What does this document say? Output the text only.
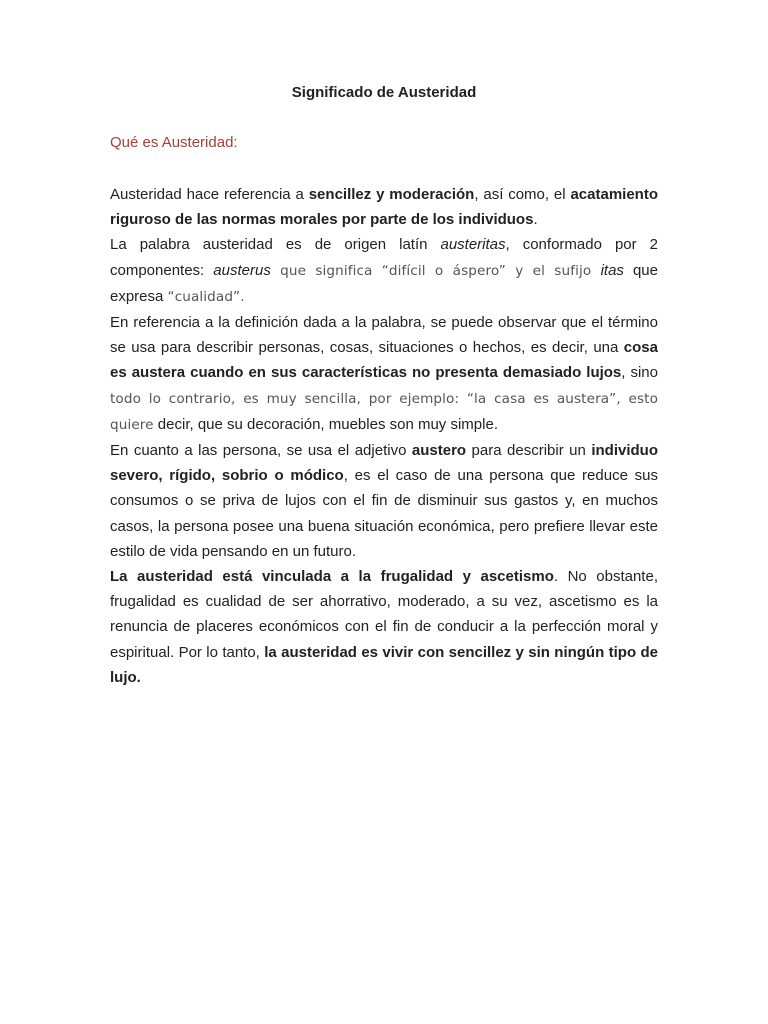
Significado de Austeridad
Qué es Austeridad:

Austeridad hace referencia a sencillez y moderación, así como, el acatamiento riguroso de las normas morales por parte de los individuos.

La palabra austeridad es de origen latín austeritas, conformado por 2 componentes: austerus que significa “difícil o áspero” y el sufijo itas que expresa “cualidad”.

En referencia a la definición dada a la palabra, se puede observar que el término se usa para describir personas, cosas, situaciones o hechos, es decir, una cosa es austera cuando en sus características no presenta demasiado lujos, sino todo lo contrario, es muy sencilla, por ejemplo: “la casa es austera”, esto quiere decir, que su decoración, muebles son muy simple.

En cuanto a las persona, se usa el adjetivo austero para describir un individuo severo, rígido, sobrio o módico, es el caso de una persona que reduce sus consumos o se priva de lujos con el fin de disminuir sus gastos y, en muchos casos, la persona posee una buena situación económica, pero prefiere llevar este estilo de vida pensando en un futuro.

La austeridad está vinculada a la frugalidad y ascetismo. No obstante, frugalidad es cualidad de ser ahorrativo, moderado, a su vez, ascetismo es la renuncia de placeres económicos con el fin de conducir a la perfección moral y espiritual. Por lo tanto, la austeridad es vivir con sencillez y sin ningún tipo de lujo.
